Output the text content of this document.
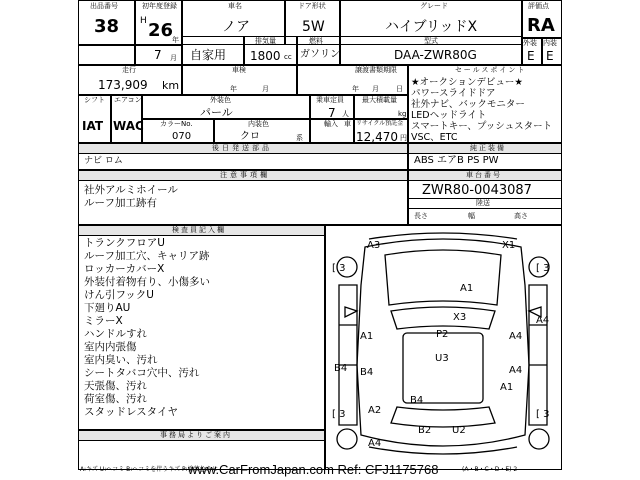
出品番号
38
初年度登録
H 26
年
車名
ノア
ドア形状
5W
グレード
ハイブリッドX
評価点
RA
7 月 自家用
排気量
1800 cc
燃料
ガソリン
型式
DAA-ZWR80G
外装
E
内装
E
走行
173,909 km
車検
年	月
譲渡書類期限
年 月 日
セールスポイント
★オークションデビュー★
パワースライドドア
社外ナビ、バックモニター
LEDヘッドライト
スマートキー、プッシュスタート
VSC、ETC
シフト
IAT
エアコン
WAC
外装色
パール
乗車定員
7 人
最大積載量
kg
カラーNo.
070
内装色
クロ	系
輸入 車 リサイクル預託金
12,470 円
後日発送部品
ナビ ロム
純正装備
ABS エアB PS PW
注意事項欄
社外アルミホイール
ルーフ加工跡有
車台番号
ZWR80-0043087
陸送
長さ	幅	高さ
検査員記入欄
トランクフロアU
ルーフ加工穴、キャリア跡
ロッカーカバーX
外装付着物有り、小傷多い
けん引フックU
下廻りAU
ミラーX
ハンドルすれ
室内内張傷
室内臭い、汚れ
シートタバコ穴中、汚れ
天張傷、汚れ
荷室傷、汚れ
スタッドレスタイヤ
事務局よりご案内
A3	X1
[ 3	[ 3
A1
X3	A4
A1	P2	A4
U3
B4 B4	A4
A1
B4
A2
[ 3	[ 3
B2 U2
A4
A:キズ U:ヘコミ B:ヘコミを伴うキズ P:塗装色あせ
www.CarFromJapan.com Ref: CFJ1175768	(A・B・C・D・E) 2
